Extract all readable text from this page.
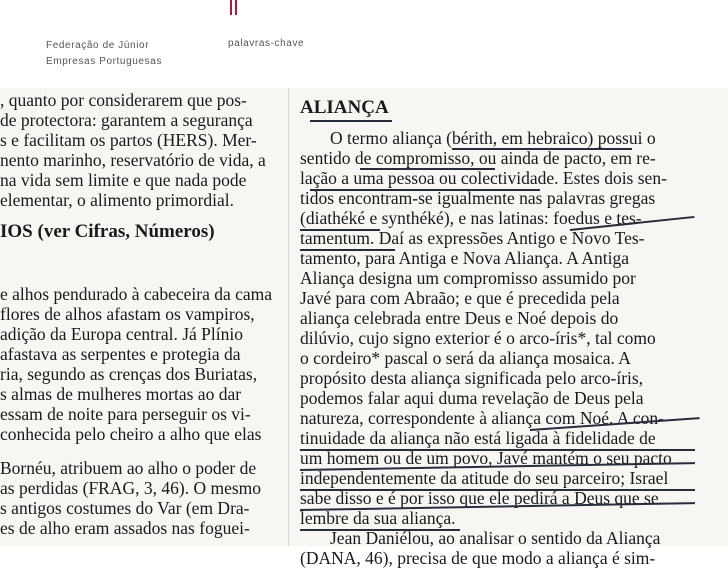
Federação de Júnior
Empresas Portuguesas
palavras-chave
, quanto por considerarem que pos-
de protectora: garantem a segurança
s e facilitam os partos (HERS). Mer-
nento marinho, reservatório de vida, a
na vida sem limite e que nada pode
elementar, o alimento primordial.
IOS (ver Cifras, Números)
e alhos pendurado à cabeceira da cama
flores de alhos afastam os vampiros,
adição da Europa central. Já Plínio
afastava as serpentes e protegia da
ria, segundo as crenças dos Buriatas,
s almas de mulheres mortas ao dar
essam de noite para perseguir os vi-
conhecida pelo cheiro a alho que elas
Bornéu, atribuem ao alho o poder de
as perdidas (FRAG, 3, 46). O mesmo
s antigos costumes do Var (em Dra-
es de alho eram assados nas foguei-
ALIANÇA
O termo aliança (bérith, em hebraico) possui o
sentido de compromisso, ou ainda de pacto, em re-
lação a uma pessoa ou colectividade. Estes dois sen-
tidos encontram-se igualmente nas palavras gregas
(diathéké e synthéké), e nas latinas: foedus e tes-
tamentum. Daí as expressões Antigo e Novo Tes-
tamento, para Antiga e Nova Aliança. A Antiga
Aliança designa um compromisso assumido por
Javé para com Abraão; e que é precedida pela
aliança celebrada entre Deus e Noé depois do
dilúvio, cujo signo exterior é o arco-íris*, tal como
o cordeiro* pascal o será da aliança mosaica. A
propósito desta aliança significada pelo arco-íris,
podemos falar aqui duma revelação de Deus pela
natureza, correspondente à aliança com Noé. A con-
tinuidade da aliança não está ligada à fidelidade de
um homem ou de um povo, Javé mantém o seu pacto
independentemente da atitude do seu parceiro; Israel
sabe disso e é por isso que ele pedirá a Deus que se
lembre da sua aliança.
Jean Daniélou, ao analisar o sentido da Aliança
(DANA, 46), precisa de que modo a aliança é sim-
